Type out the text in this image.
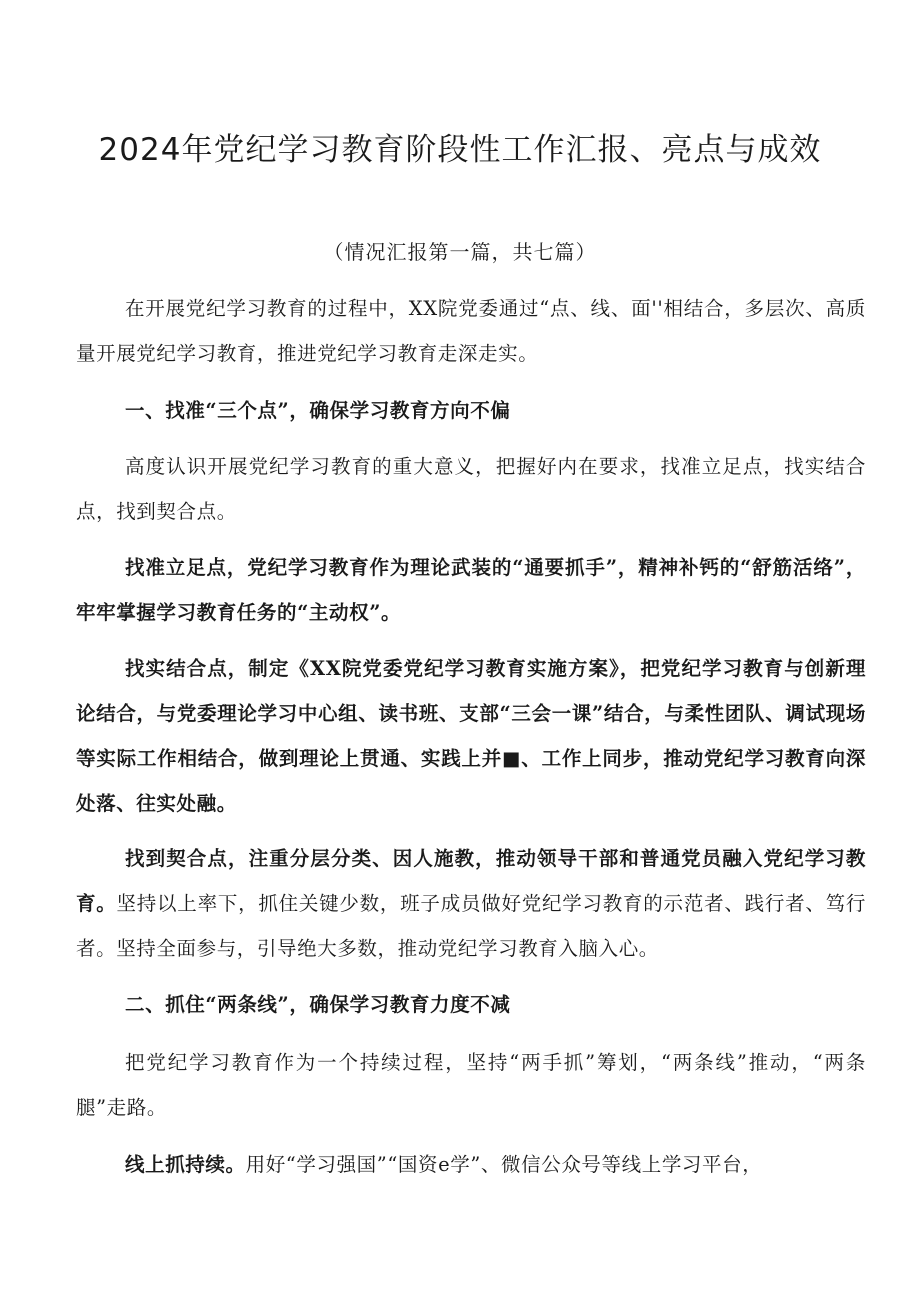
2024年党纪学习教育阶段性工作汇报、亮点与成效
（情况汇报第一篇，共七篇）

在开展党纪学习教育的过程中，XX院党委通过“点、线、面''相结合，多层次、高质量开展党纪学习教育，推进党纪学习教育走深走实。

一、找准“三个点”，确保学习教育方向不偏

高度认识开展党纪学习教育的重大意义，把握好内在要求，找准立足点，找实结合点，找到契合点。

找准立足点，党纪学习教育作为理论武装的“通要抓手”，精神补钙的“舒筋活络”，牢牢掌握学习教育任务的“主动权”。

找实结合点，制定《XX院党委党纪学习教育实施方案》，把党纪学习教育与创新理论结合，与党委理论学习中心组、读书班、支部“三会一课”结合，与柔性团队、调试现场等实际工作相结合，做到理论上贯通、实践上并■、工作上同步，推动党纪学习教育向深处落、往实处融。

找到契合点，注重分层分类、因人施教，推动领导干部和普通党员融入党纪学习教育。坚持以上率下，抓住关键少数，班子成员做好党纪学习教育的示范者、践行者、笃行者。坚持全面参与，引导绝大多数，推动党纪学习教育入脑入心。

二、抓住“两条线”，确保学习教育力度不减

把党纪学习教育作为一个持续过程，坚持“两手抓”筹划，“两条线”推动，“两条腿”走路。

线上抓持续。用好“学习强国”“国资e学”、微信公众号等线上学习平台，
